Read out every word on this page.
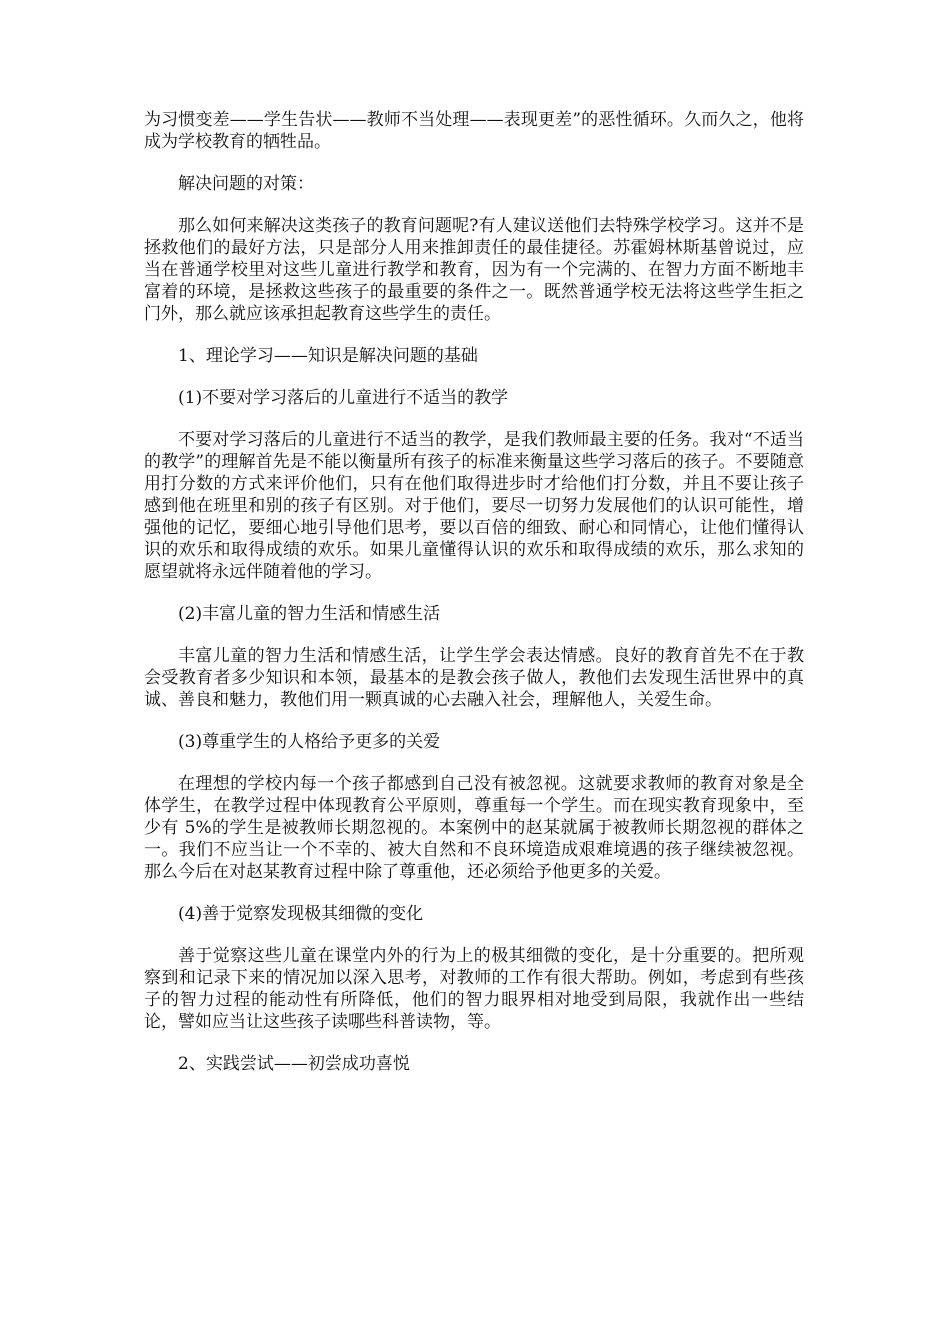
为习惯变差——学生告状——教师不当处理——表现更差”的恶性循环。久而久之，他将成为学校教育的牺牲品。

解决问题的对策：

那么如何来解决这类孩子的教育问题呢?有人建议送他们去特殊学校学习。这并不是拯救他们的最好方法，只是部分人用来推卸责任的最佳捷径。苏霍姆林斯基曾说过，应当在普通学校里对这些儿童进行教学和教育，因为有一个完满的、在智力方面不断地丰富着的环境，是拯救这些孩子的最重要的条件之一。既然普通学校无法将这些学生拒之门外，那么就应该承担起教育这些学生的责任。

1、理论学习——知识是解决问题的基础

(1)不要对学习落后的儿童进行不适当的教学

不要对学习落后的儿童进行不适当的教学，是我们教师最主要的任务。我对“不适当的教学”的理解首先是不能以衡量所有孩子的标准来衡量这些学习落后的孩子。不要随意用打分数的方式来评价他们，只有在他们取得进步时才给他们打分数，并且不要让孩子感到他在班里和别的孩子有区别。对于他们，要尽一切努力发展他们的认识可能性，增强他的记忆，要细心地引导他们思考，要以百倍的细致、耐心和同情心，让他们懂得认识的欢乐和取得成绩的欢乐。如果儿童懂得认识的欢乐和取得成绩的欢乐，那么求知的愿望就将永远伴随着他的学习。

(2)丰富儿童的智力生活和情感生活

丰富儿童的智力生活和情感生活，让学生学会表达情感。良好的教育首先不在于教会受教育者多少知识和本领，最基本的是教会孩子做人，教他们去发现生活世界中的真诚、善良和魅力，教他们用一颗真诚的心去融入社会，理解他人，关爱生命。

(3)尊重学生的人格给予更多的关爱

在理想的学校内每一个孩子都感到自己没有被忽视。这就要求教师的教育对象是全体学生，在教学过程中体现教育公平原则，尊重每一个学生。而在现实教育现象中，至少有 5%的学生是被教师长期忽视的。本案例中的赵某就属于被教师长期忽视的群体之一。我们不应当让一个不幸的、被大自然和不良环境造成艰难境遇的孩子继续被忽视。那么今后在对赵某教育过程中除了尊重他，还必须给予他更多的关爱。

(4)善于觉察发现极其细微的变化

善于觉察这些儿童在课堂内外的行为上的极其细微的变化，是十分重要的。把所观察到和记录下来的情况加以深入思考，对教师的工作有很大帮助。例如，考虑到有些孩子的智力过程的能动性有所降低，他们的智力眼界相对地受到局限，我就作出一些结论，譬如应当让这些孩子读哪些科普读物，等。

2、实践尝试——初尝成功喜悦
